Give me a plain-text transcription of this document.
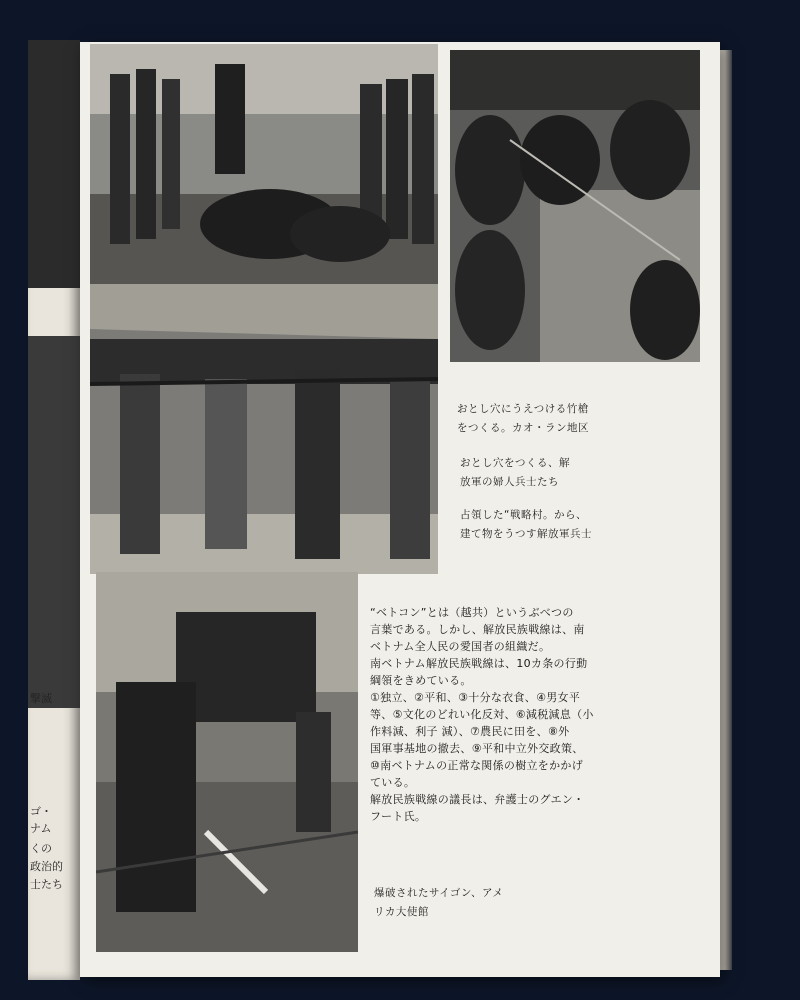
撃滅
ゴ・
ナム
くの
政治的
士たち
おとし穴にうえつける竹槍
をつくる。カオ・ラン地区
おとし穴をつくる、解
放軍の婦人兵士たち
占領した“戦略村。から、
建て物をうつす解放軍兵士

“ベトコン”とは（越共）というぶべつの

言葉である。しかし、解放民族戦線は、南

ベトナム全人民の愛国者の組織だ。

南ベトナム解放民族戦線は、10カ条の行動

綱領をきめている。

①独立、②平和、③十分な衣食、④男女平

等、⑤文化のどれい化反対、⑥減税減息（小

作料減、利子 減）、⑦農民に田を、⑧外

国軍事基地の撤去、⑨平和中立外交政策、

⑩南ベトナムの正常な関係の樹立をかかげ

ている。

解放民族戦線の議長は、弁護士のグエン・

フート氏。

爆破されたサイゴン、アメ
リカ大使館
